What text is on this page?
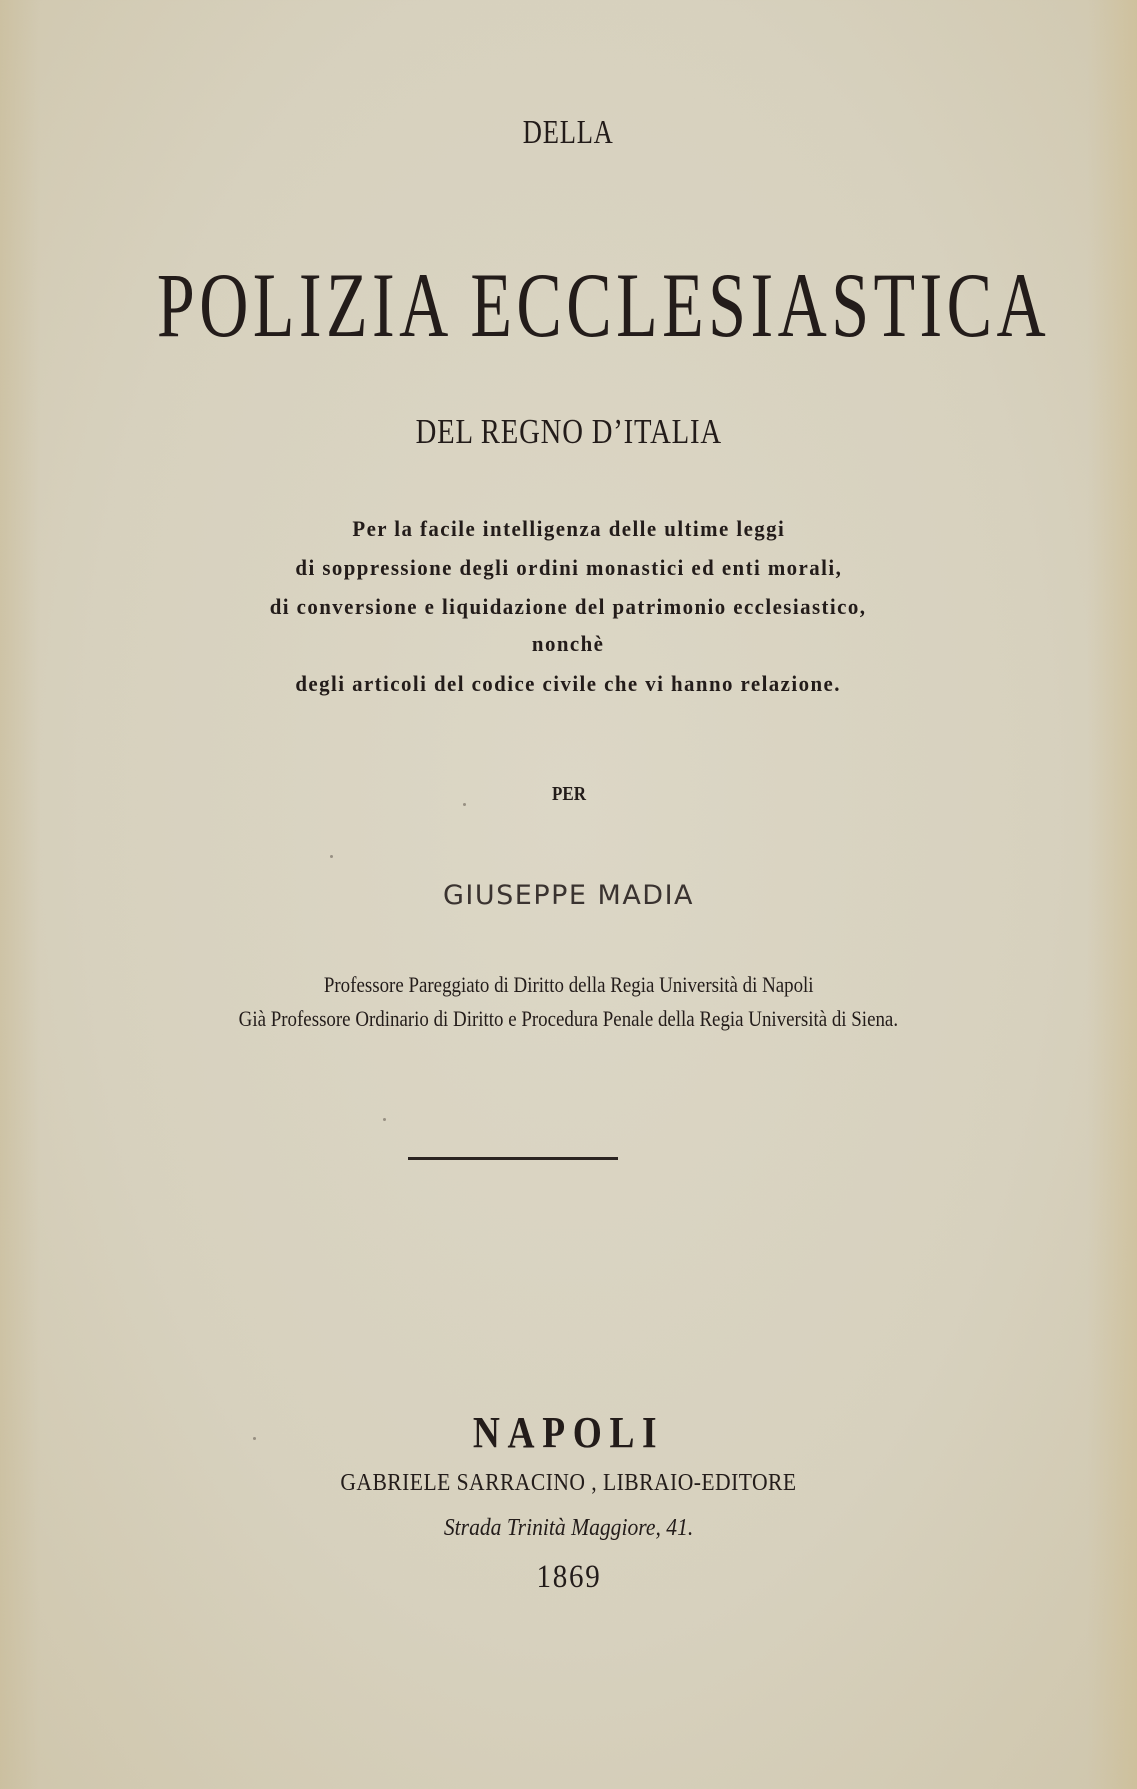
DELLA
POLIZIA ECCLESIASTICA
DEL REGNO D’ITALIA
Per la facile intelligenza delle ultime leggi
di soppressione degli ordini monastici ed enti morali,
di conversione e liquidazione del patrimonio ecclesiastico,
nonchè
degli articoli del codice civile che vi hanno relazione.
PER
GIUSEPPE MADIA
Professore Pareggiato di Diritto della Regia Università di Napoli
Già Professore Ordinario di Diritto e Procedura Penale della Regia Università di Siena.
NAPOLI
GABRIELE SARRACINO , LIBRAIO-EDITORE
Strada Trinità Maggiore, 41.
1869
